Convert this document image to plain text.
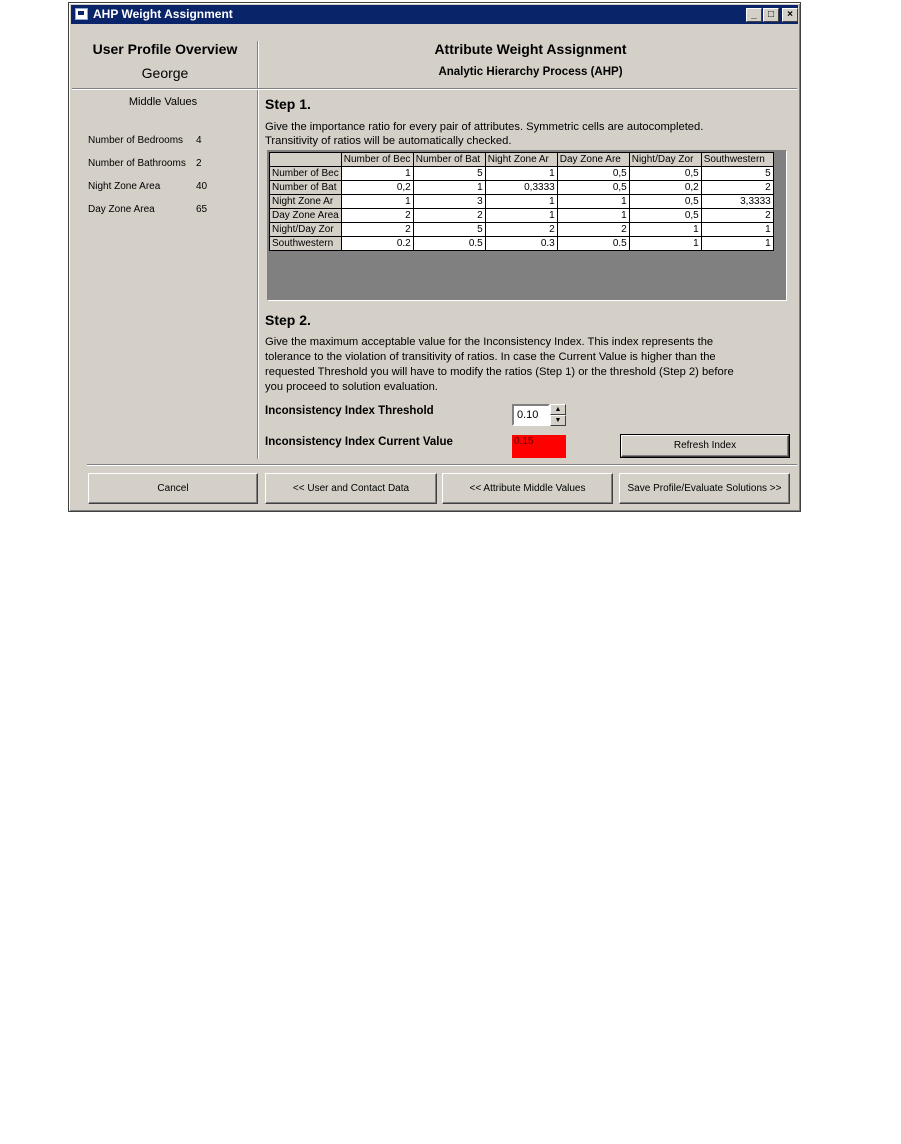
AHP Weight Assignment	_	□	×
User Profile Overview
George
Middle Values
Number of Bedrooms 4
Number of Bathrooms 2
Night Zone Area	40
Day Zone Area	65
Attribute Weight Assignment
Analytic Hierarchy Process (AHP)
Step 1.
Give the importance ratio for every pair of attributes. Symmetric cells are autocompleted.
Transitivity of ratios will be automatically checked.
	Number of Bec	Number of Bat	Night Zone Ar	Day Zone Are	Night/Day Zor	Southwestern
Number of Bec	1	5	1	0,5	0,5	5
Number of Bat	0,2	1	0,3333	0,5	0,2	2
Night Zone Ar	1	3	1	1	0,5	3,3333
Day Zone Area	2	2	1	1	0,5	2
Night/Day Zor	2	5	2	2	1	1
Southwestern	0.2	0.5	0.3	0.5	1	1
Step 2.
Give the maximum acceptable value for the Inconsistency Index. This index represents the
tolerance to the violation of transitivity of ratios. In case the Current Value is higher than the
requested Threshold you will have to modify the ratios (Step 1) or the threshold (Step 2) before
you proceed to solution evaluation.
Inconsistency Index Threshold	0.10	▲
▼
Inconsistency Index Current Value	0.15	Refresh Index
Cancel	<< User and Contact Data	<< Attribute Middle Values	Save Profile/Evaluate Solutions >>
